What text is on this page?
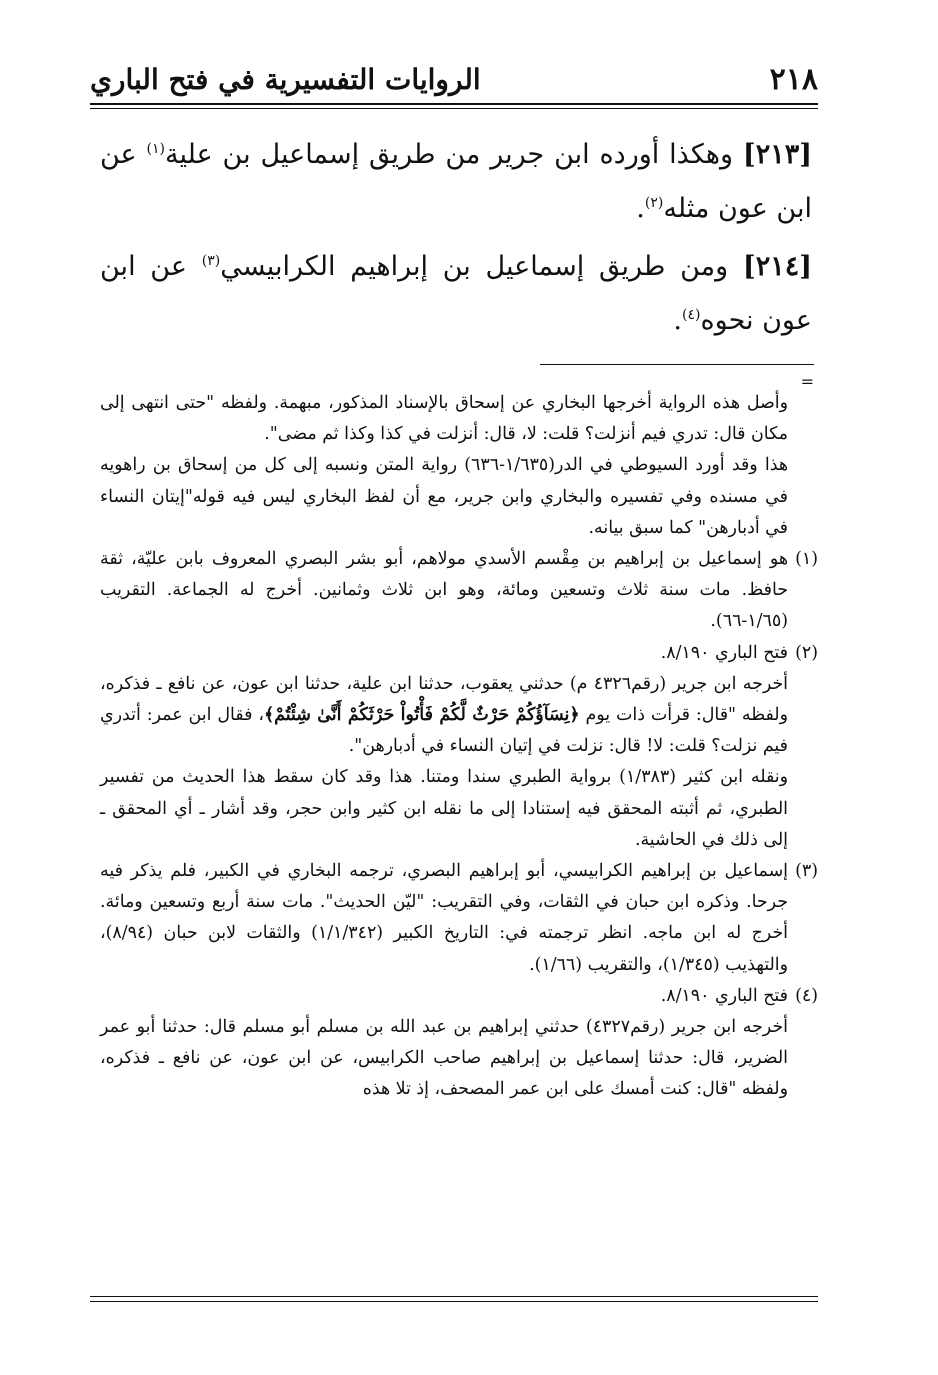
٢١٨
الروايات التفسيرية في فتح الباري

[٢١٣] وهكذا أورده ابن جرير من طريق إسماعيل بن علية$^{(١)}$ عن ابن عون مثله$^{(٢)}$.

[٢١٤] ومن طريق إسماعيل بن إبراهيم الكرابيسي$^{(٣)}$ عن ابن عون نحوه$^{(٤)}$.

=

وأصل هذه الرواية أخرجها البخاري عن إسحاق بالإسناد المذكور، مبهمة. ولفظه "حتى انتهى إلى مكان قال: تدري فيم أنزلت؟ قلت: لا، قال: أنزلت في كذا وكذا ثم مضى".

هذا وقد أورد السيوطي في الدر(١/٦٣٥-٦٣٦) رواية المتن ونسبه إلى كل من إسحاق بن راهويه في مسنده وفي تفسيره والبخاري وابن جرير، مع أن لفظ البخاري ليس فيه قوله"إيتان النساء في أدبارهن" كما سبق بيانه.

(١)
هو إسماعيل بن إبراهيم بن مِقْسم الأسدي مولاهم، أبو بشر البصري المعروف بابن عليّة، ثقة حافظ. مات سنة ثلاث وتسعين ومائة، وهو ابن ثلاث وثمانين. أخرج له الجماعة. التقريب (١/٦٥-٦٦).
(٢)
فتح الباري ٨/١٩٠.

أخرجه ابن جرير (رقم٤٣٢٦ م) حدثني يعقوب، حدثنا ابن علية، حدثنا ابن عون، عن نافع ـ فذكره، ولفظه "قال: قرأت ذات يوم ﴿نِسَآؤُكُمْ حَرْثٌ لَّكُمْ فَأْتُواْ حَرْثَكُمْ أَنَّىٰ شِئْتُمْ﴾، فقال ابن عمر: أتدري فيم نزلت؟ قلت: لا! قال: نزلت في إتيان النساء في أدبارهن".

ونقله ابن كثير (١/٣٨٣) برواية الطبري سندا ومتنا. هذا وقد كان سقط هذا الحديث من تفسير الطبري، ثم أثبته المحقق فيه إستنادا إلى ما نقله ابن كثير وابن حجر، وقد أشار ـ أي المحقق ـ إلى ذلك في الحاشية.

(٣)
إسماعيل بن إبراهيم الكرابيسي، أبو إبراهيم البصري، ترجمه البخاري في الكبير، فلم يذكر فيه جرحا. وذكره ابن حبان في الثقات، وفي التقريب: "ليّن الحديث". مات سنة أربع وتسعين ومائة. أخرج له ابن ماجه. انظر ترجمته في: التاريخ الكبير (١/١/٣٤٢) والثقات لابن حبان (٨/٩٤)، والتهذيب (١/٣٤٥)، والتقريب (١/٦٦).
(٤)
فتح الباري ٨/١٩٠.

أخرجه ابن جرير (رقم٤٣٢٧) حدثني إبراهيم بن عبد الله بن مسلم أبو مسلم قال: حدثنا أبو عمر الضرير، قال: حدثنا إسماعيل بن إبراهيم صاحب الكرابيس، عن ابن عون، عن نافع ـ فذكره، ولفظه "قال: كنت أمسك على ابن عمر المصحف، إذ تلا هذه
